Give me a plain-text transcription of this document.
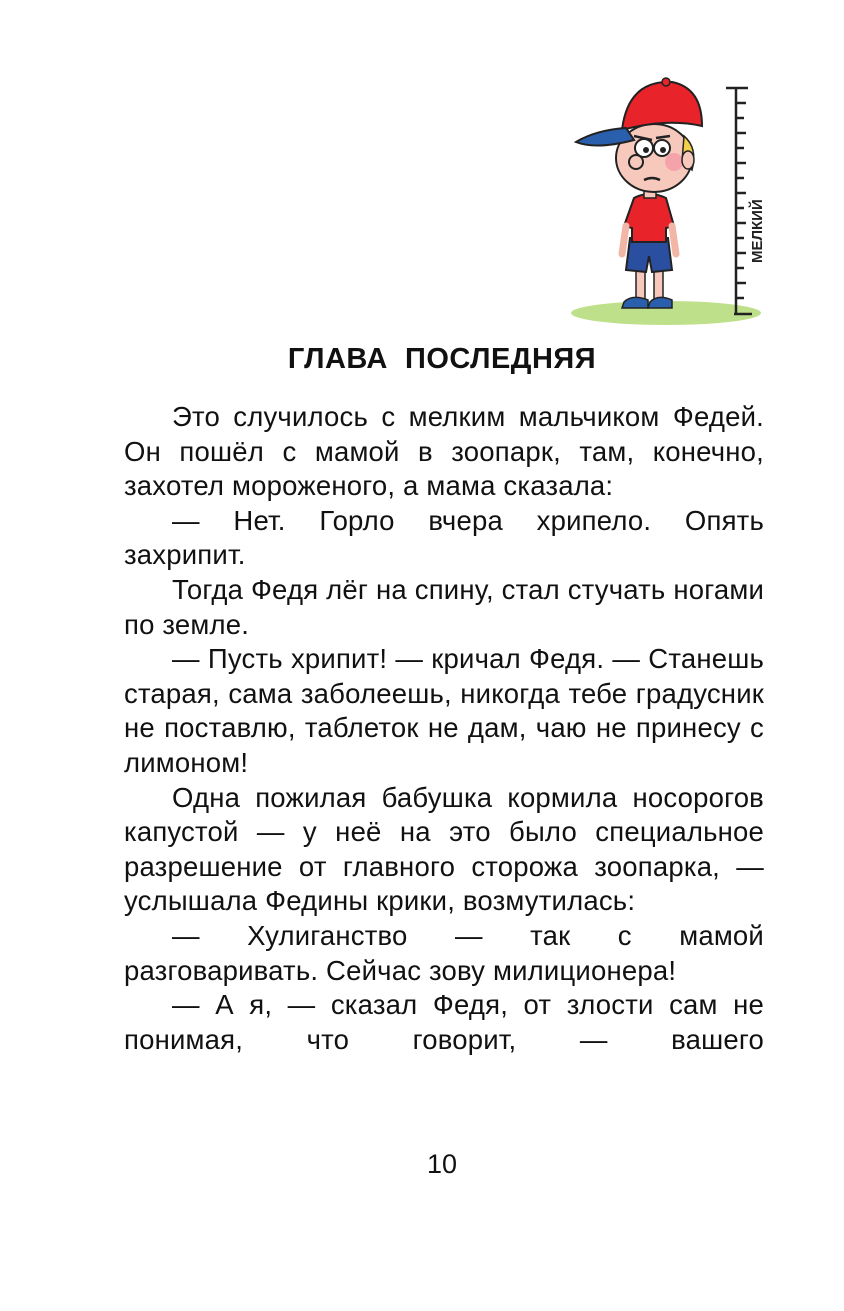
МЕЛКИЙ
ГЛАВА  ПОСЛЕДНЯЯ

Это случилось с мелким мальчиком Федей. Он пошёл с мамой в зоопарк, там, конечно, захотел мороженого, а мама сказала:

— Нет. Горло вчера хрипело. Опять захрипит.

Тогда Федя лёг на спину, стал стучать ногами по земле.

— Пусть хрипит! — кричал Федя. — Станешь старая, сама заболеешь, никогда тебе градусник не поставлю, таблеток не дам, чаю не принесу с лимоном!

Одна пожилая бабушка кормила носорогов капустой — у неё на это было специальное разрешение от главного сторожа зоопарка, — услышала Федины крики, возмутилась:

— Хулиганство — так с мамой разговаривать. Сейчас зову милиционера!

— А я, — сказал Федя, от злости сам не понимая, что говорит, — вашего

10
